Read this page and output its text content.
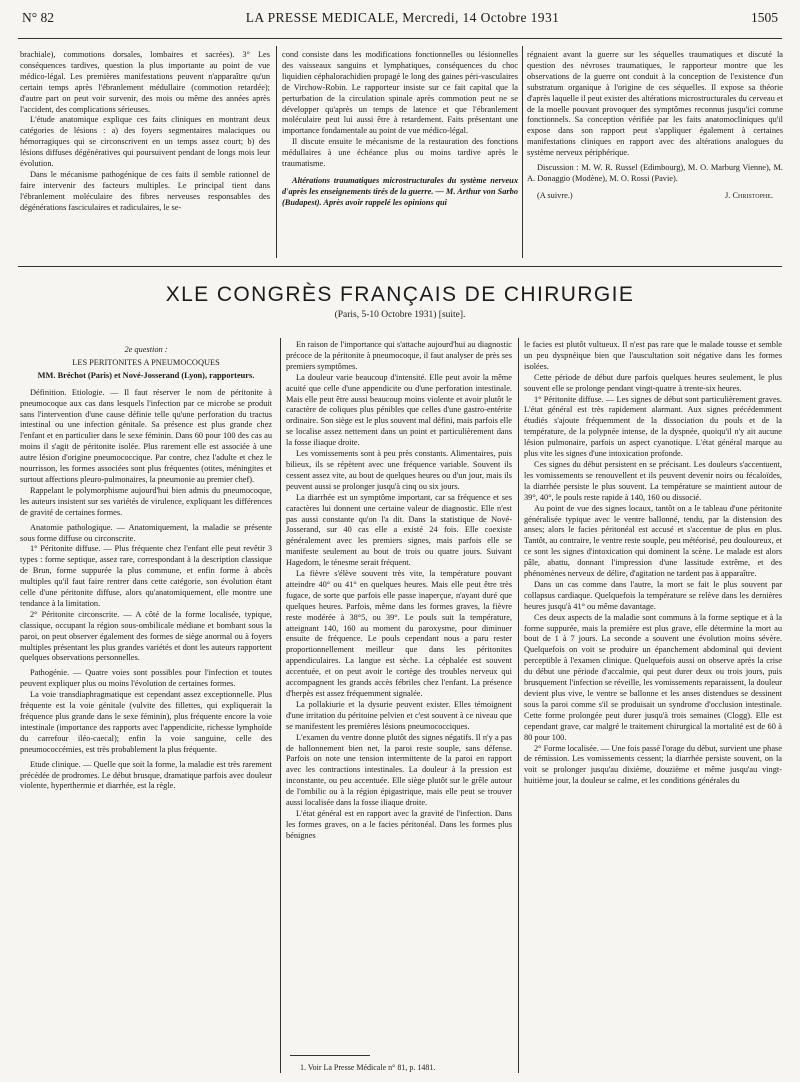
N° 82	LA PRESSE MEDICALE, Mercredi, 14 Octobre 1931	1505

brachiale), commotions dorsales, lombaires et sacrées). 3° Les conséquences tardives, question la plus importante au point de vue médico-légal. Les premières manifestations peuvent n'apparaître qu'un certain temps après l'ébranlement médullaire (commotion retardée); d'autre part on peut voir survenir, des mois ou même des années après l'accident, des complications sérieuses.

L'étude anatomique explique ces faits cliniques en montrant deux catégories de lésions : a) des foyers segmentaires malaciques ou hémorragiques qui se circonscrivent en un temps assez court; b) des lésions diffuses dégénératives qui poursuivent pendant de longs mois leur évolution.

Dans le mécanisme pathogénique de ces faits il semble rationnel de faire intervenir des facteurs multiples. Le principal tient dans l'ébranlement moléculaire des fibres nerveuses responsables des dégénérations fasciculaires et radiculaires, le se-

cond consiste dans les modifications fonctionnelles ou lésionnelles des vaisseaux sanguins et lymphatiques, conséquences du choc liquidien céphalorachidien propagé le long des gaines péri-vasculaires de Virchow-Robin. Le rapporteur insiste sur ce fait capital que la perturbation de la circulation spinale après commotion peut ne se développer qu'après un temps de latence et que l'ébranlement moléculaire peut lui aussi être à retardement. Faits présentant une importance fondamentale au point de vue médico-légal.

Il discute ensuite le mécanisme de la restauration des fonctions médullaires à une échéance plus ou moins tardive après le traumatisme.

Altérations traumatiques microstructurales du système nerveux d'après les enseignements tirés de la guerre. — M. Arthur von Sarbo (Budapest). Après avoir rappelé les opinions qui

régnaient avant la guerre sur les séquelles traumatiques et discuté la question des névroses traumatiques, le rapporteur montre que les observations de la guerre ont conduit à la conception de l'existence d'un substratum organique à l'origine de ces séquelles. Il expose sa théorie d'après laquelle il peut exister des altérations microstructurales du cerveau et de la moelle pouvant provoquer des symptômes reconnus jusqu'ici comme fonctionnels. Sa conception vérifiée par les faits anatomocliniques qu'il expose dans son rapport peut s'appliquer également à certaines manifestations cliniques en rapport avec des altérations analogues du système nerveux périphérique.

Discussion : M. W. R. Russel (Edimbourg), M. O. Marburg Vienne), M. A. Donaggio (Modène), M. O. Rossi (Pavie).

(A suivre.)	J. Christophe.
XLE CONGRÈS FRANÇAIS DE CHIRURGIE
(Paris, 5-10 Octobre 1931) [suite].

2e question :

LES PERITONITES A PNEUMOCOQUES

MM. Bréchot (Paris) et Nové-Josserand (Lyon), rapporteurs.

Définition. Etiologie. — Il faut réserver le nom de péritonite à pneumocoque aux cas dans lesquels l'infection par ce microbe se produit sans l'intervention d'une cause définie telle qu'une perforation du tractus intestinal ou une infection génitale. Sa présence est plus grande chez l'enfant et en particulier dans le sexe féminin. Dans 60 pour 100 des cas au moins il s'agit de péritonite isolée. Plus rarement elle est associée à une autre lésion d'origine pneumococcique. Par contre, chez l'adulte et chez le nourrisson, les formes associées sont plus fréquentes (otites, méningites et surtout affections pleuro-pulmonaires, la pneumonie au premier chef).

Rappelant le polymorphisme aujourd'hui bien admis du pneumocoque, les auteurs insistent sur ses variétés de virulence, expliquant les différences de gravité de certaines formes.

Anatomie pathologique. — Anatomiquement, la maladie se présente sous forme diffuse ou circonscrite.

1° Péritonite diffuse. — Plus fréquente chez l'enfant elle peut revêtir 3 types : forme septique, assez rare, correspondant à la description classique de Brun, forme suppurée la plus commune, et enfin forme à abcès multiples qu'il faut faire rentrer dans cette catégorie, son évolution étant celle d'une péritonite diffuse, alors qu'anatomiquement, elle montre une tendance à la limitation.

2° Péritonite circonscrite. — A côté de la forme localisée, typique, classique, occupant la région sous-ombilicale médiane et bombant sous la paroi, on peut observer également des formes de siège anormal ou à foyers multiples présentant les plus grandes variétés et dont les auteurs rapportent quelques observations personnelles.

Pathogénie. — Quatre voies sont possibles pour l'infection et toutes peuvent expliquer plus ou moins l'évolution de certaines formes.

La voie transdiaphragmatique est cependant assez exceptionnelle. Plus fréquente est la voie génitale (vulvite des fillettes, qui expliquerait la fréquence plus grande dans le sexe féminin), plus fréquente encore la voie intestinale (importance des rapports avec l'appendicite, richesse lymphoïde du carrefour iléo-caecal); enfin la voie sanguine, celle des pneumococcémies, est très probablement la plus fréquente.

Etude clinique. — Quelle que soit la forme, la maladie est très rarement précédée de prodromes. Le début brusque, dramatique parfois avec douleur violente, hyperthermie et diarrhée, est la règle.

En raison de l'importance qui s'attache aujourd'hui au diagnostic précoce de la péritonite à pneumocoque, il faut analyser de près ses premiers symptômes.

La douleur varie beaucoup d'intensité. Elle peut avoir la même acuité que celle d'une appendicite ou d'une perforation intestinale. Mais elle peut être aussi beaucoup moins violente et avoir plutôt le caractère de coliques plus pénibles que celles d'une gastro-entérite ordinaire. Son siège est le plus souvent mal défini, mais parfois elle se localise assez nettement dans un point et particulièrement dans la fosse iliaque droite.

Les vomissements sont à peu près constants. Alimentaires, puis bilieux, ils se répètent avec une fréquence variable. Souvent ils cessent assez vite, au bout de quelques heures ou d'un jour, mais ils peuvent aussi se prolonger jusqu'à cinq ou six jours.

La diarrhée est un symptôme important, car sa fréquence et ses caractères lui donnent une certaine valeur de diagnostic. Elle n'est pas aussi constante qu'on l'a dit. Dans la statistique de Nové-Josserand, sur 40 cas elle a existé 24 fois. Elle coexiste généralement avec les premiers signes, mais parfois elle se manifeste seulement au bout de trois ou quatre jours. Suivant Hagedorn, le ténesme serait fréquent.

La fièvre s'élève souvent très vite, la température pouvant atteindre 40° ou 41° en quelques heures. Mais elle peut être très fugace, de sorte que parfois elle passe inaperçue, n'ayant duré que quelques heures. Parfois, même dans les formes graves, la fièvre reste modérée à 38°5, ou 39°. Le pouls suit la température, atteignant 140, 160 au moment du paroxysme, pour diminuer ensuite de fréquence. Le pouls cependant nous a paru rester proportionnellement meilleur que dans les péritonites appendiculaires. La langue est sèche. La céphalée est souvent accentuée, et on peut avoir le cortège des troubles nerveux qui accompagnent les grands accès fébriles chez l'enfant. La présence d'herpès est assez fréquemment signalée.

La pollakiurie et la dysurie peuvent exister. Elles témoignent d'une irritation du péritoine pelvien et c'est souvent à ce niveau que se manifestent les premières lésions pneumococciques.

L'examen du ventre donne plutôt des signes négatifs. Il n'y a pas de ballonnement bien net, la paroi reste souple, sans défense. Parfois on note une tension intermittente de la paroi en rapport avec les contractions intestinales. La douleur à la pression est inconstante, ou peu accentuée. Elle siège plutôt sur le grêle autour de l'ombilic ou à la région épigastrique, mais elle peut se trouver aussi localisée dans la fosse iliaque droite.

L'état général est en rapport avec la gravité de l'infection. Dans les formes graves, on a le facies péritonéal. Dans les formes plus bénignes

le facies est plutôt vultueux. Il n'est pas rare que le malade tousse et semble un peu dyspnéique bien que l'auscultation soit négative dans les formes isolées.

Cette période de début dure parfois quelques heures seulement, le plus souvent elle se prolonge pendant vingt-quatre à trente-six heures.

1° Péritonite diffuse. — Les signes de début sont particulièrement graves. L'état général est très rapidement alarmant. Aux signes précédemment étudiés s'ajoute fréquemment de la dissociation du pouls et de la température, de la polypnée intense, de la dyspnée, quoiqu'il n'y ait aucune lésion pulmonaire, parfois un aspect cyanotique. L'état général marque au plus vite les signes d'une intoxication profonde.

Ces signes du début persistent en se précisant. Les douleurs s'accentuent, les vomissements se renouvellent et ils peuvent devenir noirs ou fécaloïdes, la diarrhée persiste le plus souvent. La température se maintient autour de 39°, 40°, le pouls reste rapide à 140, 160 ou dissocié.

Au point de vue des signes locaux, tantôt on a le tableau d'une péritonite généralisée typique avec le ventre ballonné, tendu, par la distension des anses; alors le facies péritonéal est accusé et s'accentue de plus en plus. Tantôt, au contraire, le ventre reste souple, peu météorisé, peu douloureux, et ce sont les signes d'intoxication qui dominent la scène. Le malade est alors pâle, abattu, donnant l'impression d'une lassitude extrême, et des phénomènes nerveux de délire, d'agitation ne tardent pas à apparaître.

Dans un cas comme dans l'autre, la mort se fait le plus souvent par collapsus cardiaque. Quelquefois la température se relève dans les dernières heures jusqu'à 41° ou même davantage.

Ces deux aspects de la maladie sont communs à la forme septique et à la forme suppurée, mais la première est plus grave, elle détermine la mort au bout de 1 à 7 jours. La seconde a souvent une évolution moins sévère. Quelquefois on voit se produire un épanchement abdominal qui devient perceptible à l'examen clinique. Quelquefois aussi on observe après la crise du début une période d'accalmie, qui peut durer deux ou trois jours, puis brusquement l'infection se réveille, les vomissements reparaissent, la douleur devient plus vive, le ventre se ballonne et les anses distendues se dessinent sous la paroi comme s'il se produisait un syndrome d'occlusion intestinale. Cette forme prolongée peut durer jusqu'à trois semaines (Clogg). Elle est cependant grave, car malgré le traitement chirurgical la mortalité est de 60 à 80 pour 100.

2° Forme localisée. — Une fois passé l'orage du début, survient une phase de rémission. Les vomissements cessent; la diarrhée persiste souvent, on la voit se prolonger jusqu'au dixième, douzième et même jusqu'au vingt-huitième jour, la douleur se calme, et les conditions générales du

1. Voir La Presse Médicale n° 81, p. 1481.
